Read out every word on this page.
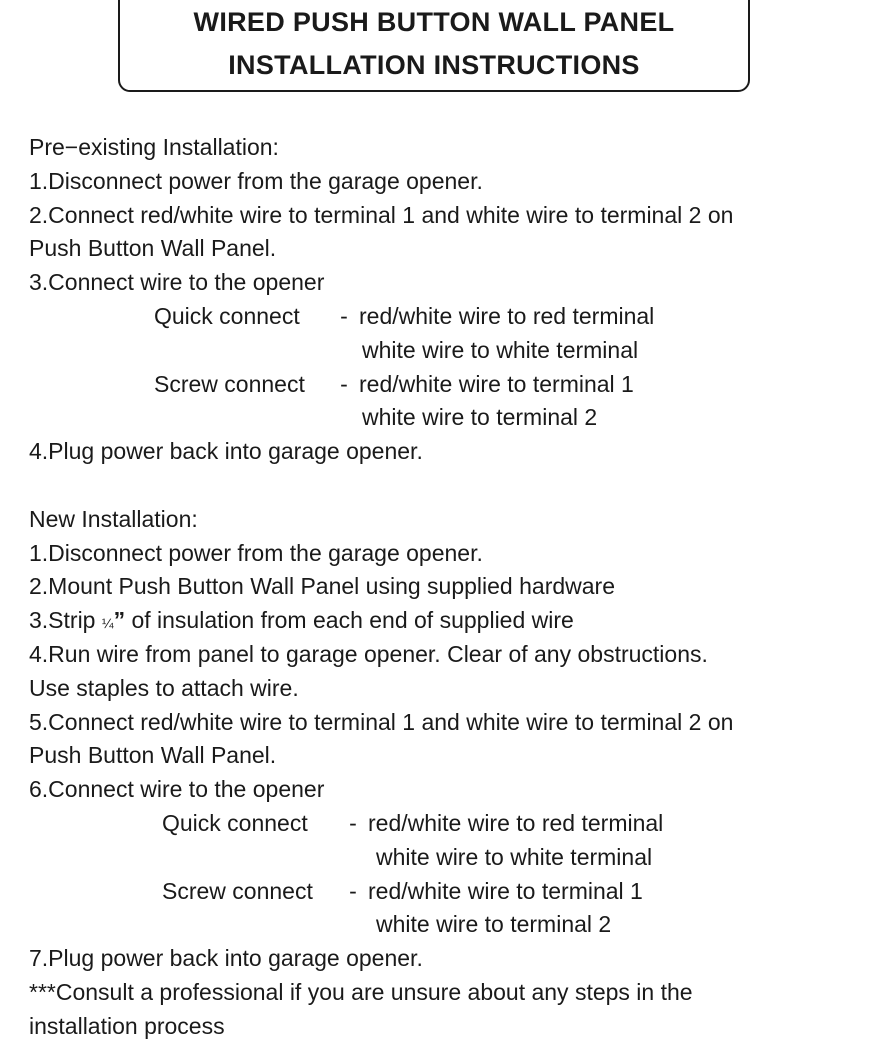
WIRED PUSH BUTTON WALL PANEL
INSTALLATION INSTRUCTIONS
Pre−existing Installation:
1.Disconnect power from the garage opener.
2.Connect red/white wire to terminal 1 and white wire to terminal 2 on
Push Button Wall Panel.
3.Connect wire to the opener
Quick connect	- red/white wire to red terminal
white wire to white terminal
Screw connect	- red/white wire to terminal 1
white wire to terminal 2
4.Plug power back into garage opener.
New Installation:
1.Disconnect power from the garage opener.
2.Mount Push Button Wall Panel using supplied hardware
3.Strip ¼” of insulation from each end of supplied wire
4.Run wire from panel to garage opener. Clear of any obstructions.
Use staples to attach wire.
5.Connect red/white wire to terminal 1 and white wire to terminal 2 on
Push Button Wall Panel.
6.Connect wire to the opener
Quick connect	- red/white wire to red terminal
white wire to white terminal
Screw connect	- red/white wire to terminal 1
white wire to terminal 2
7.Plug power back into garage opener.
***Consult a professional if you are unsure about any steps in the
installation process
